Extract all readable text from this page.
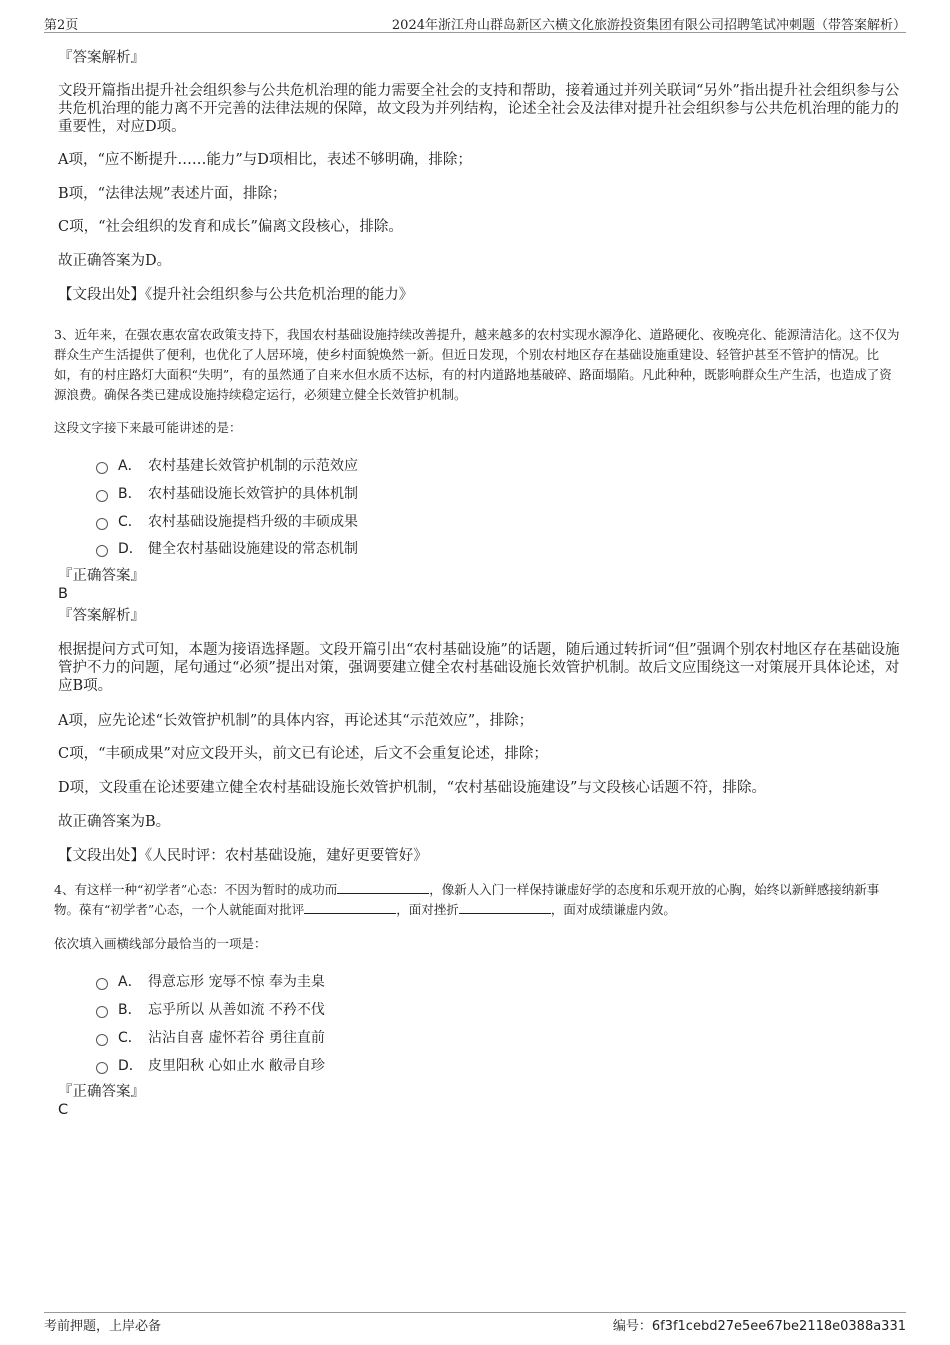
第2页	2024年浙江舟山群岛新区六横文化旅游投资集团有限公司招聘笔试冲刺题（带答案解析）

『答案解析』

文段开篇指出提升社会组织参与公共危机治理的能力需要全社会的支持和帮助，接着通过并列关联词“另外”指出提升社会组织参与公共危机治理的能力离不开完善的法律法规的保障，故文段为并列结构，论述全社会及法律对提升社会组织参与公共危机治理的能力的重要性，对应D项。

A项，“应不断提升……能力”与D项相比，表述不够明确，排除；

B项，“法律法规”表述片面，排除；

C项，“社会组织的发育和成长”偏离文段核心，排除。

故正确答案为D。

【文段出处】《提升社会组织参与公共危机治理的能力》

3、近年来，在强农惠农富农政策支持下，我国农村基础设施持续改善提升，越来越多的农村实现水源净化、道路硬化、夜晚亮化、能源清洁化。这不仅为群众生产生活提供了便利，也优化了人居环境，使乡村面貌焕然一新。但近日发现，个别农村地区存在基础设施重建设、轻管护甚至不管护的情况。比如，有的村庄路灯大面积“失明”，有的虽然通了自来水但水质不达标，有的村内道路地基破碎、路面塌陷。凡此种种，既影响群众生产生活，也造成了资源浪费。确保各类已建成设施持续稳定运行，必须建立健全长效管护机制。

这段文字接下来最可能讲述的是：

A． 农村基建长效管护机制的示范效应
B． 农村基础设施长效管护的具体机制
C． 农村基础设施提档升级的丰硕成果
D． 健全农村基础设施建设的常态机制

『正确答案』

B

『答案解析』

根据提问方式可知，本题为接语选择题。文段开篇引出“农村基础设施”的话题，随后通过转折词“但”强调个别农村地区存在基础设施管护不力的问题，尾句通过“必须”提出对策，强调要建立健全农村基础设施长效管护机制。故后文应围绕这一对策展开具体论述，对应B项。

A项，应先论述“长效管护机制”的具体内容，再论述其“示范效应”，排除；

C项，“丰硕成果”对应文段开头，前文已有论述，后文不会重复论述，排除；

D项，文段重在论述要建立健全农村基础设施长效管护机制，“农村基础设施建设”与文段核心话题不符，排除。

故正确答案为B。

【文段出处】《人民时评：农村基础设施，建好更要管好》

4、有这样一种“初学者”心态：不因为暂时的成功而	，像新人入门一样保持谦虚好学的态度和乐观开放的心胸，始终以新鲜感接纳新事物。葆有“初学者”心态，一个人就能面对批评	，面对挫折	，面对成绩谦虚内敛。

依次填入画横线部分最恰当的一项是：

A． 得意忘形 宠辱不惊 奉为圭臬
B． 忘乎所以 从善如流 不矜不伐
C． 沾沾自喜 虚怀若谷 勇往直前
D． 皮里阳秋 心如止水 敝帚自珍

『正确答案』

C

考前押题，上岸必备	编号：6f3f1cebd27e5ee67be2118e0388a331
